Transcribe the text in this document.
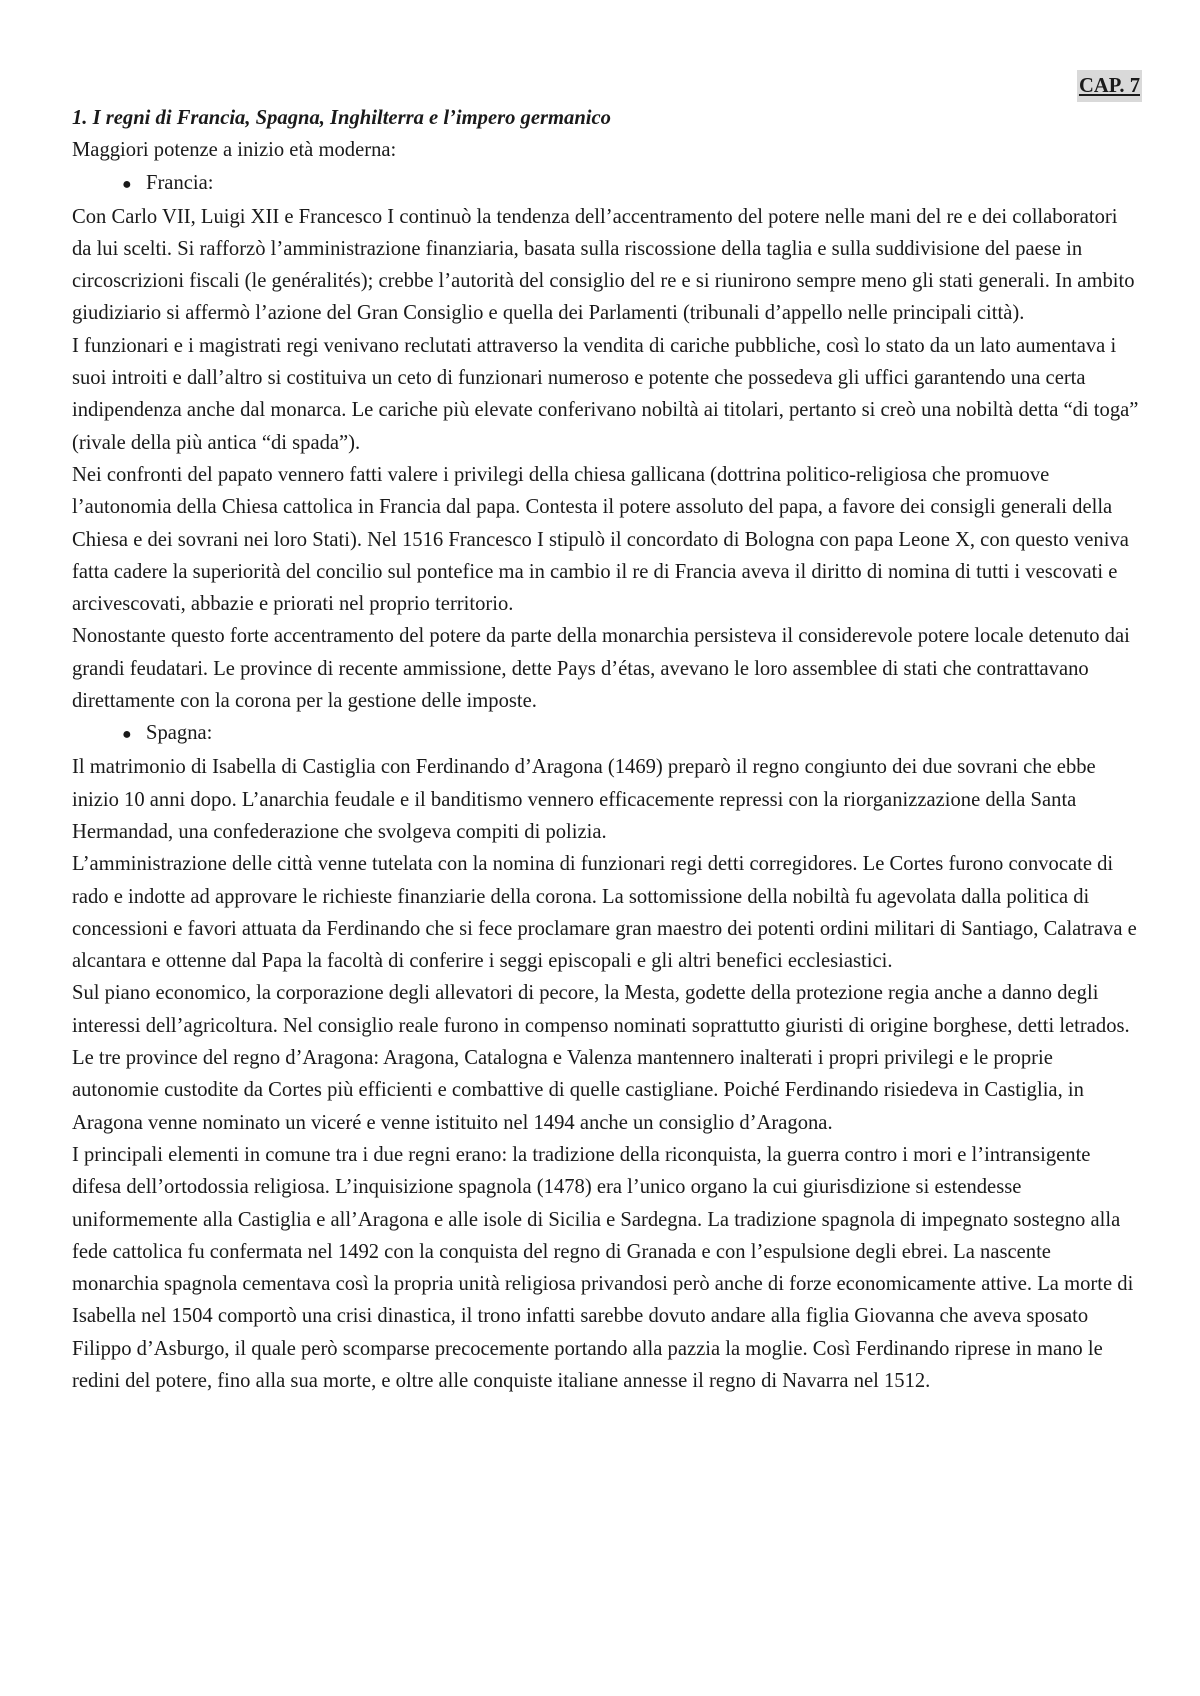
CAP. 7

1. I regni di Francia, Spagna, Inghilterra e l’impero germanico

Maggiori potenze a inizio età moderna:

● Francia:

Con Carlo VII, Luigi XII e Francesco I continuò la tendenza dell’accentramento del potere nelle mani del re e dei collaboratori da lui scelti. Si rafforzò l’amministrazione finanziaria, basata sulla riscossione della taglia e sulla suddivisione del paese in circoscrizioni fiscali (le genéralités); crebbe l’autorità del consiglio del re e si riunirono sempre meno gli stati generali. In ambito giudiziario si affermò l’azione del Gran Consiglio e quella dei Parlamenti (tribunali d’appello nelle principali città).

I funzionari e i magistrati regi venivano reclutati attraverso la vendita di cariche pubbliche, così lo stato da un lato aumentava i suoi introiti e dall’altro si costituiva un ceto di funzionari numeroso e potente che possedeva gli uffici garantendo una certa indipendenza anche dal monarca. Le cariche più elevate conferivano nobiltà ai titolari, pertanto si creò una nobiltà detta “di toga” (rivale della più antica “di spada”).

Nei confronti del papato vennero fatti valere i privilegi della chiesa gallicana (dottrina politico-religiosa che promuove l’autonomia della Chiesa cattolica in Francia dal papa. Contesta il potere assoluto del papa, a favore dei consigli generali della Chiesa e dei sovrani nei loro Stati). Nel 1516 Francesco I stipulò il concordato di Bologna con papa Leone X, con questo veniva fatta cadere la superiorità del concilio sul pontefice ma in cambio il re di Francia aveva il diritto di nomina di tutti i vescovati e arcivescovati, abbazie e priorati nel proprio territorio.

Nonostante questo forte accentramento del potere da parte della monarchia persisteva il considerevole potere locale detenuto dai grandi feudatari. Le province di recente ammissione, dette Pays d’étas, avevano le loro assemblee di stati che contrattavano direttamente con la corona per la gestione delle imposte.

● Spagna:

Il matrimonio di Isabella di Castiglia con Ferdinando d’Aragona (1469) preparò il regno congiunto dei due sovrani che ebbe inizio 10 anni dopo. L’anarchia feudale e il banditismo vennero efficacemente repressi con la riorganizzazione della Santa Hermandad, una confederazione che svolgeva compiti di polizia.

L’amministrazione delle città venne tutelata con la nomina di funzionari regi detti corregidores. Le Cortes furono convocate di rado e indotte ad approvare le richieste finanziarie della corona. La sottomissione della nobiltà fu agevolata dalla politica di concessioni e favori attuata da Ferdinando che si fece proclamare gran maestro dei potenti ordini militari di Santiago, Calatrava e alcantara e ottenne dal Papa la facoltà di conferire i seggi episcopali e gli altri benefici ecclesiastici.

Sul piano economico, la corporazione degli allevatori di pecore, la Mesta, godette della protezione regia anche a danno degli interessi dell’agricoltura. Nel consiglio reale furono in compenso nominati soprattutto giuristi di origine borghese, detti letrados.

Le tre province del regno d’Aragona: Aragona, Catalogna e Valenza mantennero inalterati i propri privilegi e le proprie autonomie custodite da Cortes più efficienti e combattive di quelle castigliane. Poiché Ferdinando risiedeva in Castiglia, in Aragona venne nominato un viceré e venne istituito nel 1494 anche un consiglio d’Aragona.

I principali elementi in comune tra i due regni erano: la tradizione della riconquista, la guerra contro i mori e l’intransigente difesa dell’ortodossia religiosa. L’inquisizione spagnola (1478) era l’unico organo la cui giurisdizione si estendesse uniformemente alla Castiglia e all’Aragona e alle isole di Sicilia e Sardegna. La tradizione spagnola di impegnato sostegno alla fede cattolica fu confermata nel 1492 con la conquista del regno di Granada e con l’espulsione degli ebrei. La nascente monarchia spagnola cementava così la propria unità religiosa privandosi però anche di forze economicamente attive. La morte di Isabella nel 1504 comportò una crisi dinastica, il trono infatti sarebbe dovuto andare alla figlia Giovanna che aveva sposato Filippo d’Asburgo, il quale però scomparse precocemente portando alla pazzia la moglie. Così Ferdinando riprese in mano le redini del potere, fino alla sua morte, e oltre alle conquiste italiane annesse il regno di Navarra nel 1512.
